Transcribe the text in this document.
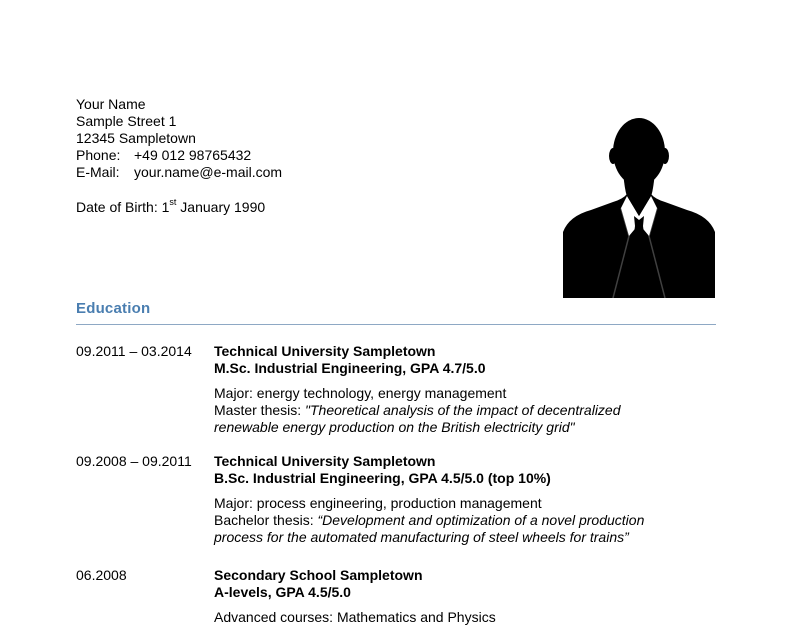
Your Name
Sample Street 1
12345 Sampletown
Phone: +49 012 98765432
E-Mail: your.name@e-mail.com
Date of Birth: 1st January 1990
Education
09.2011 – 03.2014 Technical University Sampletown
M.Sc. Industrial Engineering, GPA 4.7/5.0
Major: energy technology, energy management
Master thesis: "Theoretical analysis of the impact of decentralized
renewable energy production on the British electricity grid"
09.2008 – 09.2011 Technical University Sampletown
B.Sc. Industrial Engineering, GPA 4.5/5.0 (top 10%)
Major: process engineering, production management
Bachelor thesis: “Development and optimization of a novel production
process for the automated manufacturing of steel wheels for trains”
06.2008	Secondary School Sampletown
A-levels, GPA 4.5/5.0
Advanced courses: Mathematics and Physics
